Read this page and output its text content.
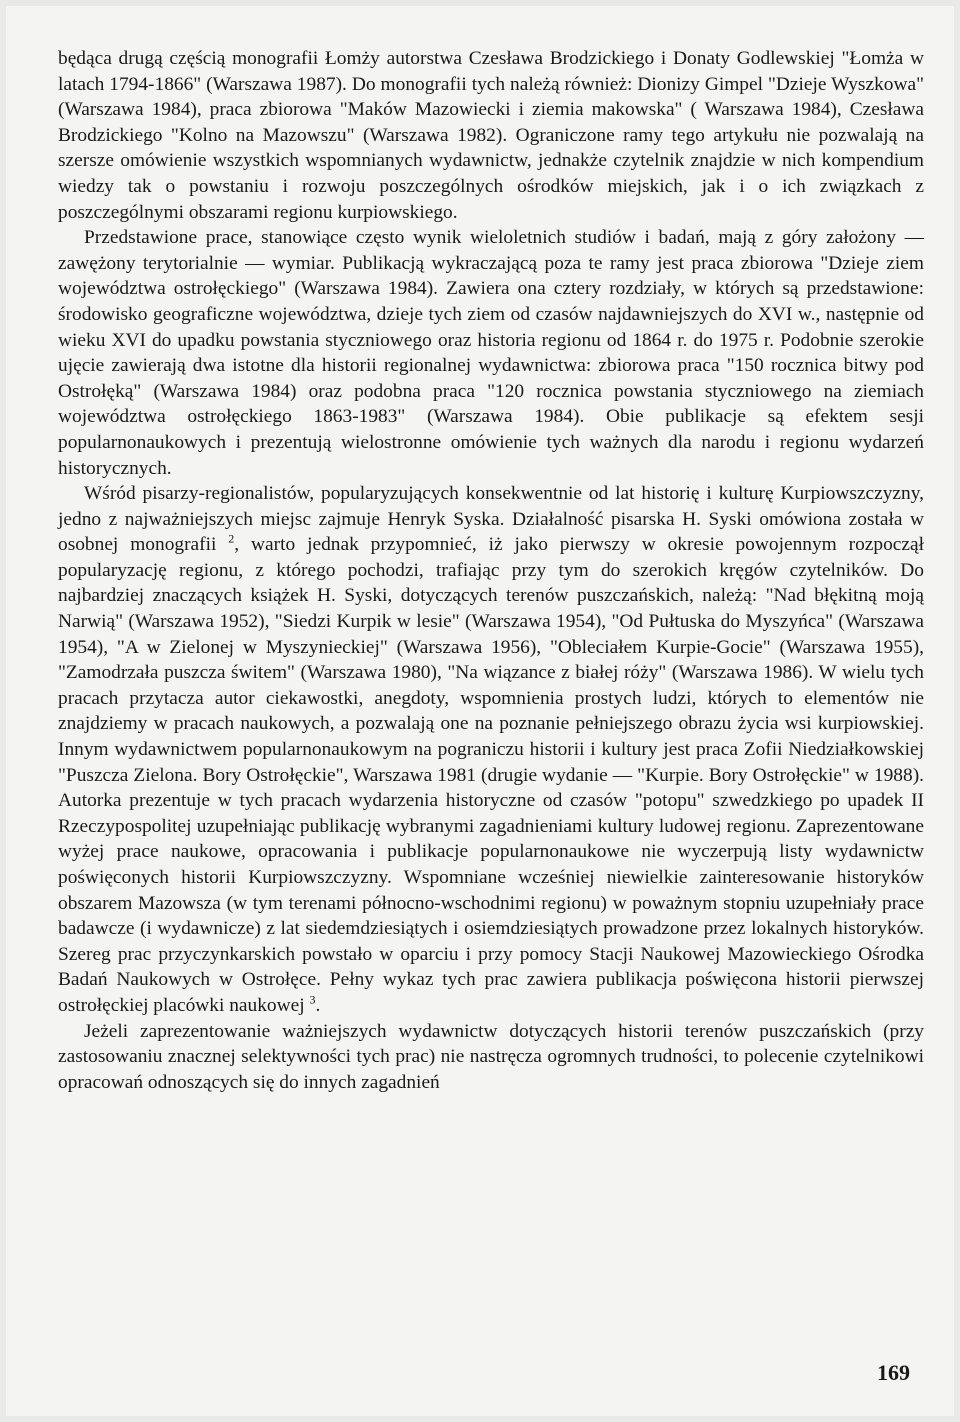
będąca drugą częścią monografii Łomży autorstwa Czesława Brodzickiego i Donaty Godlewskiej "Łomża w latach 1794-1866" (Warszawa 1987). Do monografii tych należą również: Dionizy Gimpel "Dzieje Wyszkowa" (Warszawa 1984), praca zbiorowa "Maków Mazowiecki i ziemia makowska" ( Warszawa 1984), Czesława Brodzickiego "Kolno na Mazowszu" (Warszawa 1982). Ograniczone ramy tego artykułu nie pozwalają na szersze omówienie wszystkich wspomnianych wydawnictw, jednakże czytelnik znajdzie w nich kompendium wiedzy tak o powstaniu i rozwoju poszczególnych ośrodków miejskich, jak i o ich związkach z poszczególnymi obszarami regionu kurpiowskiego.

Przedstawione prace, stanowiące często wynik wieloletnich studiów i badań, mają z góry założony — zawężony terytorialnie — wymiar. Publikacją wykraczającą poza te ramy jest praca zbiorowa "Dzieje ziem województwa ostrołęckiego" (Warszawa 1984). Zawiera ona cztery rozdziały, w których są przedstawione: środowisko geograficzne województwa, dzieje tych ziem od czasów najdawniejszych do XVI w., następnie od wieku XVI do upadku powstania styczniowego oraz historia regionu od 1864 r. do 1975 r. Podobnie szerokie ujęcie zawierają dwa istotne dla historii regionalnej wydawnictwa: zbiorowa praca "150 rocznica bitwy pod Ostrołęką" (Warszawa 1984) oraz podobna praca "120 rocznica powstania styczniowego na ziemiach województwa ostrołęckiego 1863-1983" (Warszawa 1984). Obie publikacje są efektem sesji popularnonaukowych i prezentują wielostronne omówienie tych ważnych dla narodu i regionu wydarzeń historycznych.

Wśród pisarzy-regionalistów, popularyzujących konsekwentnie od lat historię i kulturę Kurpiowszczyzny, jedno z najważniejszych miejsc zajmuje Henryk Syska. Działalność pisarska H. Syski omówiona została w osobnej monografii $^2$, warto jednak przypomnieć, iż jako pierwszy w okresie powojennym rozpoczął popularyzację regionu, z którego pochodzi, trafiając przy tym do szerokich kręgów czytelników. Do najbardziej znaczących książek H. Syski, dotyczących terenów puszczańskich, należą: "Nad błękitną moją Narwią" (Warszawa 1952), "Siedzi Kurpik w lesie" (Warszawa 1954), "Od Pułtuska do Myszyńca" (Warszawa 1954), "A w Zielonej w Myszynieckiej" (Warszawa 1956), "Obleciałem Kurpie-Gocie" (Warszawa 1955), "Zamodrzała puszcza świtem" (Warszawa 1980), "Na wiązance z białej róży" (Warszawa 1986). W wielu tych pracach przytacza autor ciekawostki, anegdoty, wspomnienia prostych ludzi, których to elementów nie znajdziemy w pracach naukowych, a pozwalają one na poznanie pełniejszego obrazu życia wsi kurpiowskiej. Innym wydawnictwem popularnonaukowym na pograniczu historii i kultury jest praca Zofii Niedziałkowskiej "Puszcza Zielona. Bory Ostrołęckie", Warszawa 1981 (drugie wydanie — "Kurpie. Bory Ostrołęckie" w 1988). Autorka prezentuje w tych pracach wydarzenia historyczne od czasów "potopu" szwedzkiego po upadek II Rzeczypospolitej uzupełniając publikację wybranymi zagadnieniami kultury ludowej regionu. Zaprezentowane wyżej prace naukowe, opracowania i publikacje popularnonaukowe nie wyczerpują listy wydawnictw poświęconych historii Kurpiowszczyzny. Wspomniane wcześniej niewielkie zainteresowanie historyków obszarem Mazowsza (w tym terenami północno-wschodnimi regionu) w poważnym stopniu uzupełniały prace badawcze (i wydawnicze) z lat siedemdziesiątych i osiemdziesiątych prowadzone przez lokalnych historyków. Szereg prac przyczynkarskich powstało w oparciu i przy pomocy Stacji Naukowej Mazowieckiego Ośrodka Badań Naukowych w Ostrołęce. Pełny wykaz tych prac zawiera publikacja poświęcona historii pierwszej ostrołęckiej placówki naukowej $^3$.

Jeżeli zaprezentowanie ważniejszych wydawnictw dotyczących historii terenów puszczańskich (przy zastosowaniu znacznej selektywności tych prac) nie nastręcza ogromnych trudności, to polecenie czytelnikowi opracowań odnoszących się do innych zagadnień

169
